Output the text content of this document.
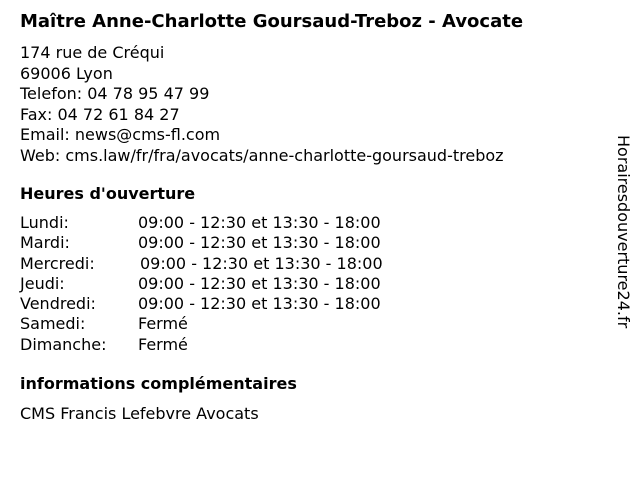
Maître Anne-Charlotte Goursaud-Treboz - Avocate
174 rue de Créqui
69006 Lyon
Telefon: 04 78 95 47 99
Fax: 04 72 61 84 27
Email: news@cms-fl.com
Web: cms.law/fr/fra/avocats/anne-charlotte-goursaud-treboz
Heures d'ouverture
Lundi:	09:00 - 12:30 et 13:30 - 18:00
Mardi:	09:00 - 12:30 et 13:30 - 18:00
Mercredi:	09:00 - 12:30 et 13:30 - 18:00
Jeudi:	09:00 - 12:30 et 13:30 - 18:00
Vendredi:	09:00 - 12:30 et 13:30 - 18:00
Samedi:	Fermé
Dimanche: Fermé
informations complémentaires
CMS Francis Lefebvre Avocats
Horairesdouverture24.fr
